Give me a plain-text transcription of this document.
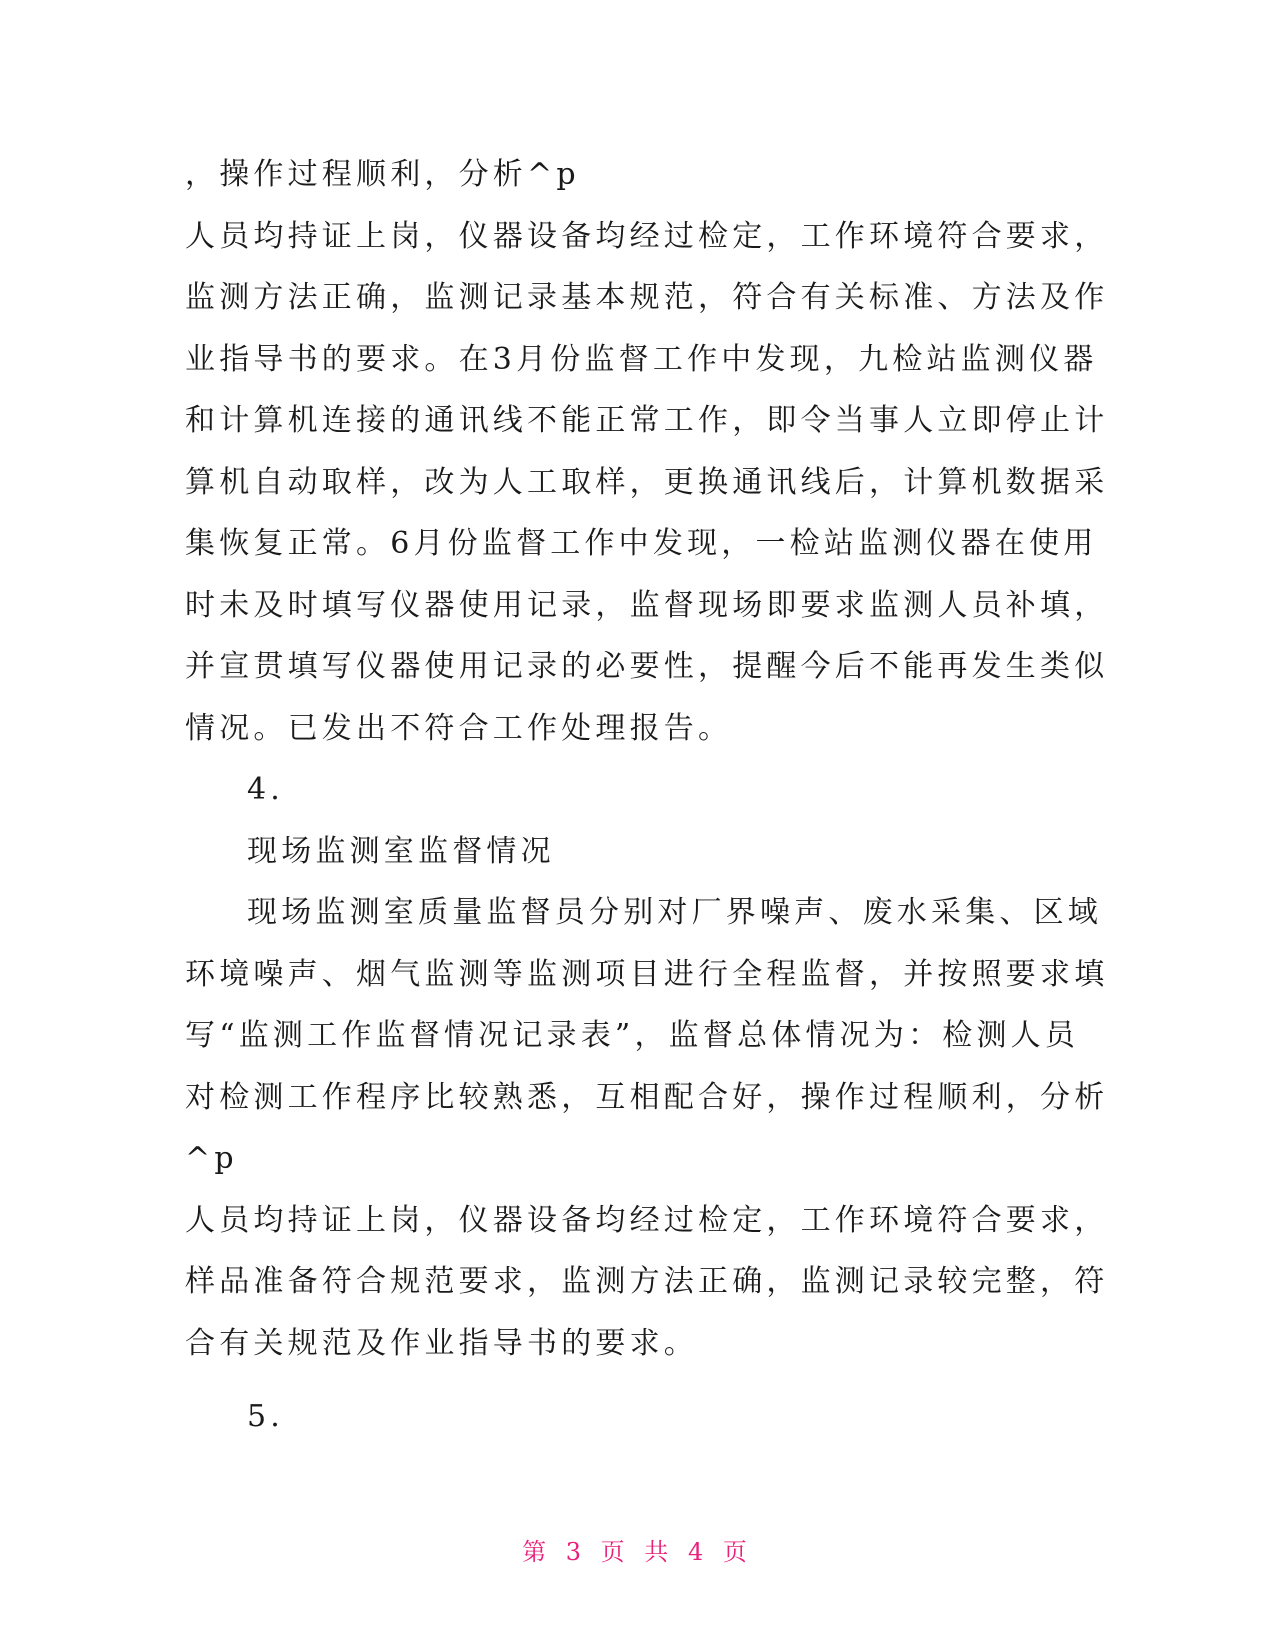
，操作过程顺利，分析^p
人员均持证上岗，仪器设备均经过检定，工作环境符合要求，
监测方法正确，监测记录基本规范，符合有关标准、方法及作
业指导书的要求。在3月份监督工作中发现，九检站监测仪器
和计算机连接的通讯线不能正常工作，即令当事人立即停止计
算机自动取样，改为人工取样，更换通讯线后，计算机数据采
集恢复正常。6月份监督工作中发现，一检站监测仪器在使用
时未及时填写仪器使用记录，监督现场即要求监测人员补填，
并宣贯填写仪器使用记录的必要性，提醒今后不能再发生类似
情况。已发出不符合工作处理报告。
4.
现场监测室监督情况
现场监测室质量监督员分别对厂界噪声、废水采集、区域
环境噪声、烟气监测等监测项目进行全程监督，并按照要求填
写“监测工作监督情况记录表”，监督总体情况为：检测人员
对检测工作程序比较熟悉，互相配合好，操作过程顺利，分析
^p
人员均持证上岗，仪器设备均经过检定，工作环境符合要求，
样品准备符合规范要求，监测方法正确，监测记录较完整，符
合有关规范及作业指导书的要求。
5.
第 3 页 共 4 页
